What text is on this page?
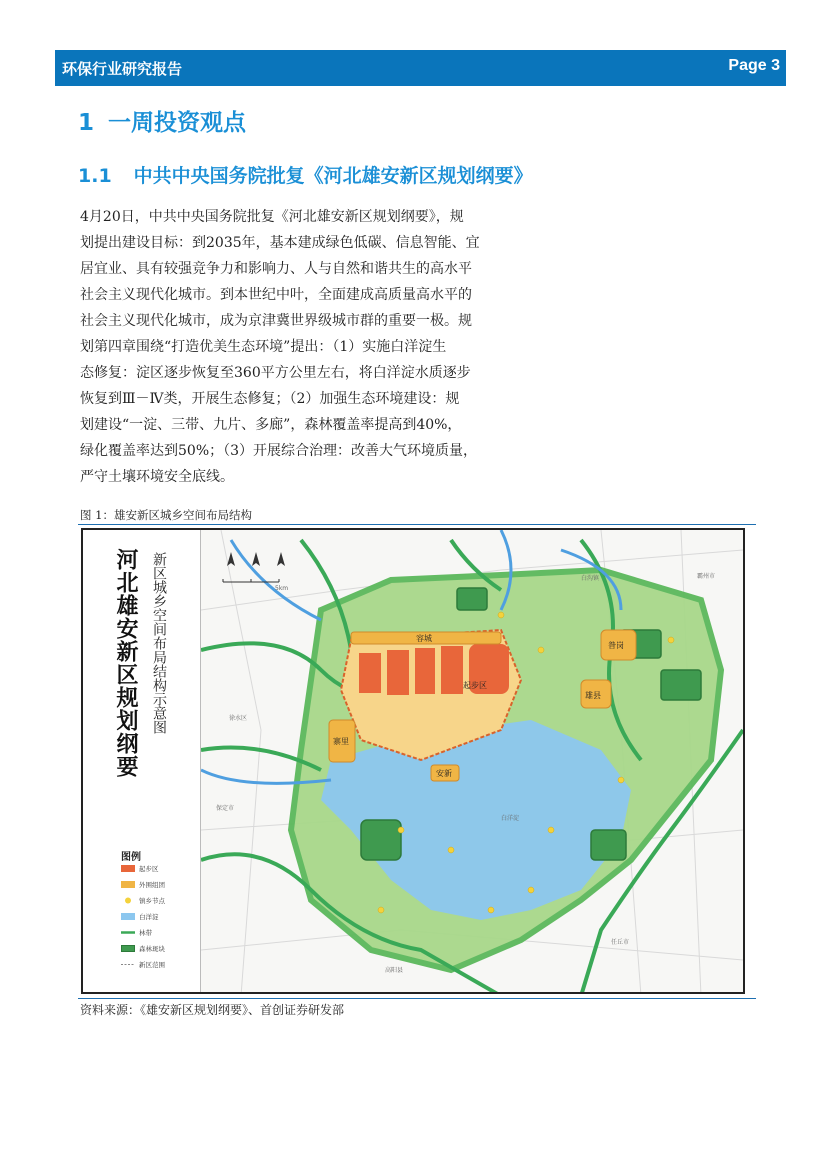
环保行业研究报告	Page 3
1 一周投资观点
1.1 中共中央国务院批复《河北雄安新区规划纲要》
4月20日，中共中央国务院批复《河北雄安新区规划纲要》，规
划提出建设目标：到2035年，基本建成绿色低碳、信息智能、宜
居宜业、具有较强竞争力和影响力、人与自然和谐共生的高水平
社会主义现代化城市。到本世纪中叶，全面建成高质量高水平的
社会主义现代化城市，成为京津冀世界级城市群的重要一极。规
划第四章围绕“打造优美生态环境”提出：（1）实施白洋淀生
态修复：淀区逐步恢复至360平方公里左右，将白洋淀水质逐步
恢复到Ⅲ－Ⅳ类，开展生态修复；（2）加强生态环境建设：规
划建设“一淀、三带、九片、多廊”，森林覆盖率提高到40%，
绿化覆盖率达到50%；（3）开展综合治理：改善大气环境质量，
严守土壤环境安全底线。
图 1：雄安新区城乡空间布局结构
河北雄安新区规划纲要 新区城乡空间布局结构示意图
图例
起步区
外围组团
镇乡节点
白洋淀
林带
森林斑块
新区范围
起步区
容城
寨里
安新
昝岗
雄县
白洋淀
白沟镇	霸州市
徐水区
保定市
高阳县
任丘市
5km
资料来源：《雄安新区规划纲要》、首创证券研发部
